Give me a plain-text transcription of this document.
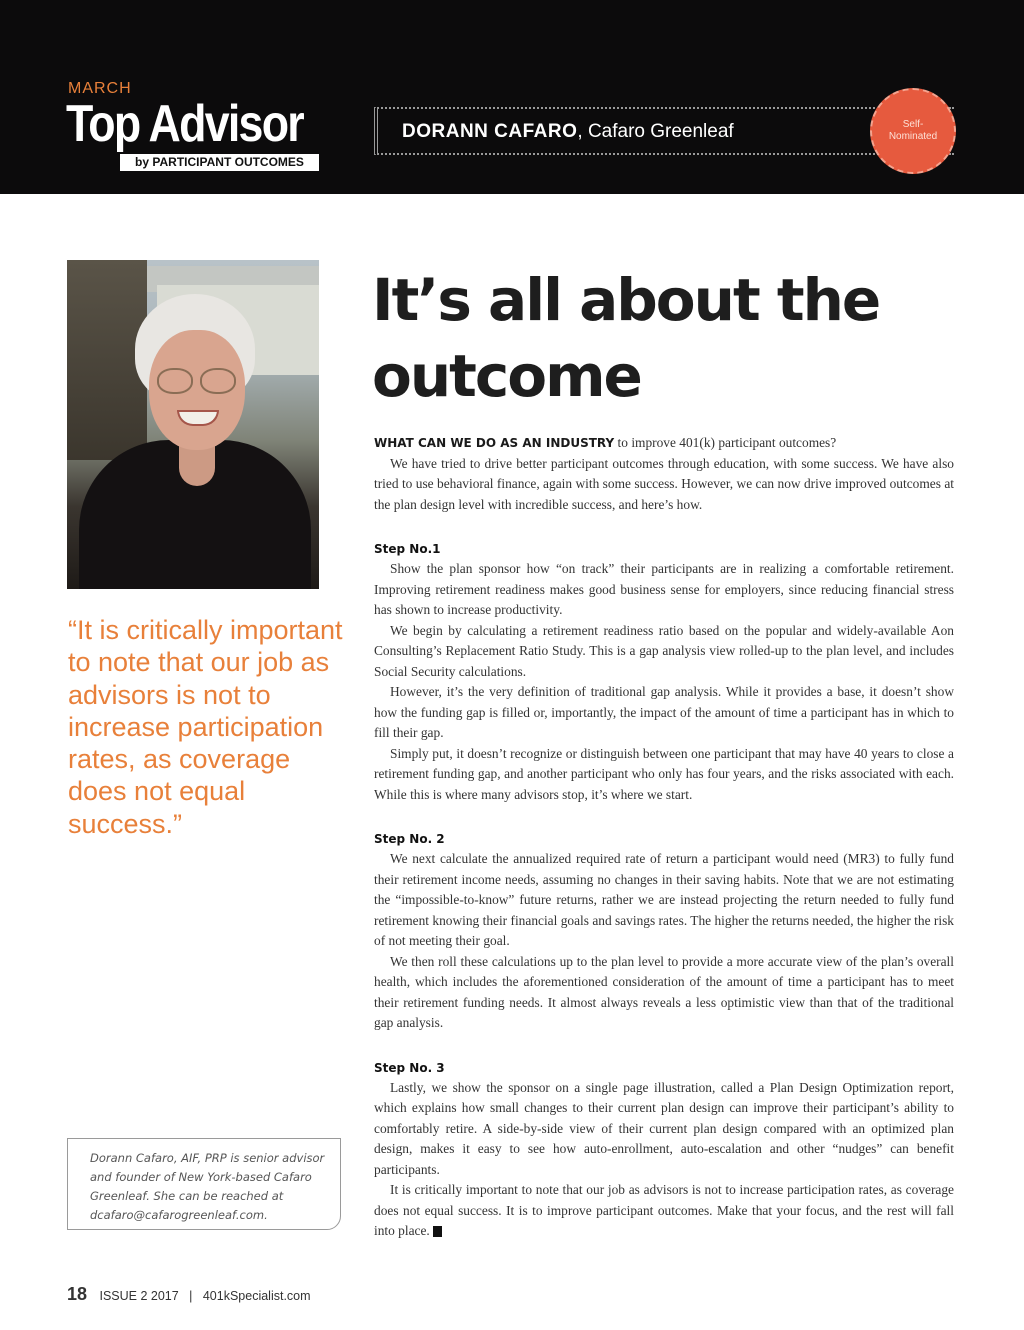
MARCH
Top Advisor
by PARTICIPANT OUTCOMES
DORANN CAFARO, Cafaro Greenleaf	Self-Nominated
“It is critically important to note that our job as advisors is not to increase participation rates, as coverage does not equal success.”
Dorann Cafaro, AIF, PRP is senior advisor and founder of New York-based Cafaro Greenleaf. She can be reached at dcafaro@cafarogreenleaf.com.
It’s all about the outcome

WHAT CAN WE DO AS AN INDUSTRY to improve 401(k) participant outcomes?

We have tried to drive better participant outcomes through education, with some success. We have also tried to use behavioral finance, again with some success. However, we can now drive improved outcomes at the plan design level with incredible success, and here’s how.

Step No.1

Show the plan sponsor how “on track” their participants are in realizing a comfortable retirement. Improving retirement readiness makes good business sense for employers, since reducing financial stress has shown to increase productivity.

We begin by calculating a retirement readiness ratio based on the popular and widely-available Aon Consulting’s Replacement Ratio Study. This is a gap analysis view rolled-up to the plan level, and includes Social Security calculations.

However, it’s the very definition of traditional gap analysis. While it provides a base, it doesn’t show how the funding gap is filled or, importantly, the impact of the amount of time a participant has in which to fill their gap.

Simply put, it doesn’t recognize or distinguish between one participant that may have 40 years to close a retirement funding gap, and another participant who only has four years, and the risks associated with each. While this is where many advisors stop, it’s where we start.

Step No. 2

We next calculate the annualized required rate of return a participant would need (MR3) to fully fund their retirement income needs, assuming no changes in their saving habits. Note that we are not estimating the “impossible-to-know” future returns, rather we are instead projecting the return needed to fully fund retirement knowing their financial goals and savings rates. The higher the returns needed, the higher the risk of not meeting their goal.

We then roll these calculations up to the plan level to provide a more accurate view of the plan’s overall health, which includes the aforementioned consideration of the amount of time a participant has to meet their retirement funding needs. It almost always reveals a less optimistic view than that of the traditional gap analysis.

Step No. 3

Lastly, we show the sponsor on a single page illustration, called a Plan Design Optimization report, which explains how small changes to their current plan design can improve their participant’s ability to comfortably retire. A side-by-side view of their current plan design compared with an optimized plan design, makes it easy to see how auto-enrollment, auto-escalation and other “nudges” can benefit participants.

It is critically important to note that our job as advisors is not to increase participation rates, as coverage does not equal success. It is to improve participant outcomes. Make that your focus, and the rest will fall into place. K

18 ISSUE 2 2017 | 401kSpecialist.com
